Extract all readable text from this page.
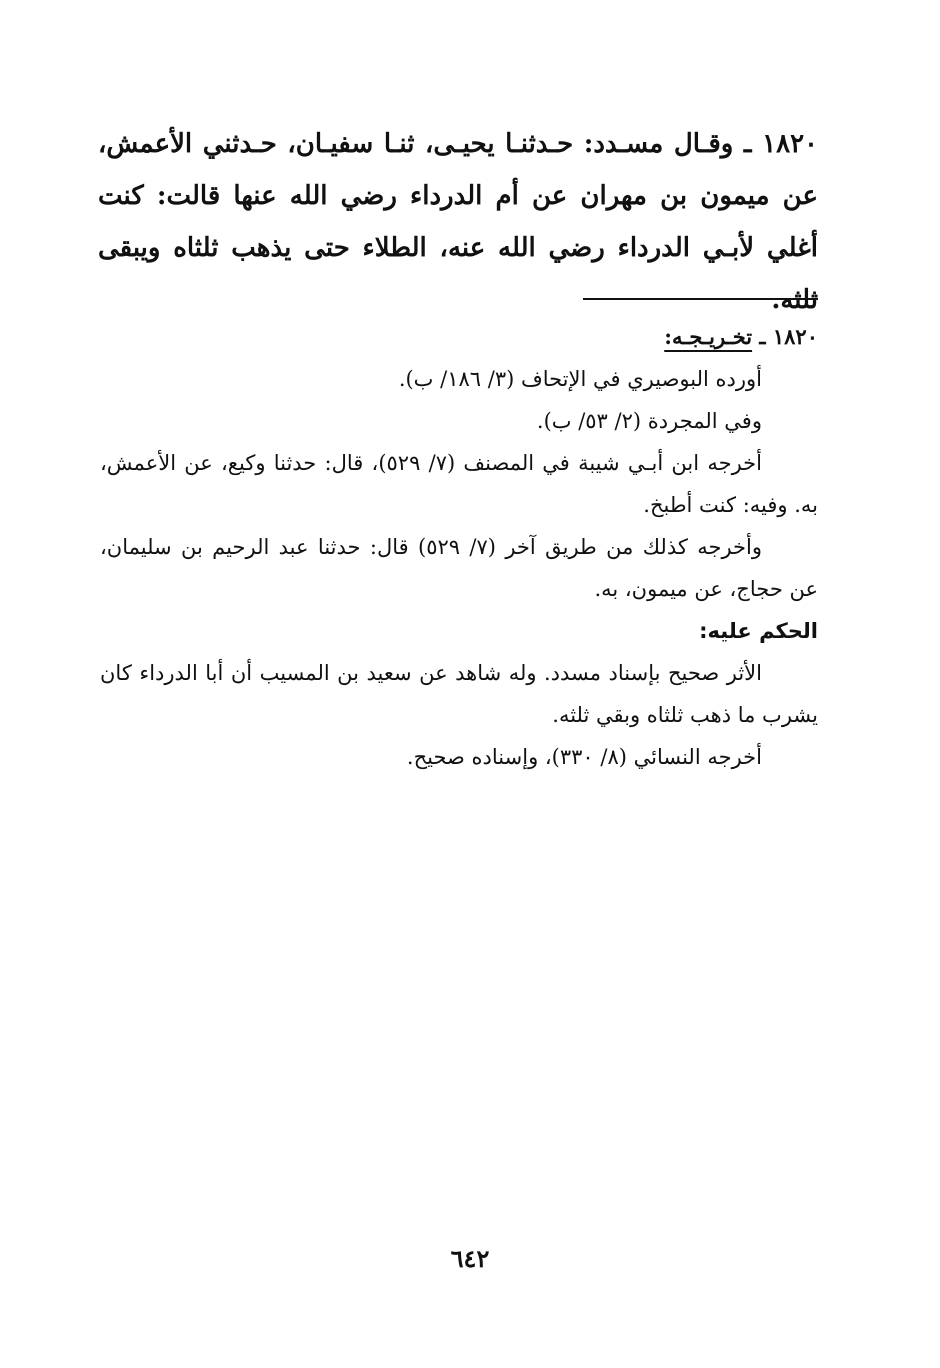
١٨٢٠ ـ وقـال مسـدد: حـدثنـا يحيـى، ثنـا سفيـان، حـدثني الأعمش، عن ميمون بن مهران عن أم الدرداء رضي الله عنها قالت: كنت أغلي لأبـي الدرداء رضي الله عنه، الطلاء حتى يذهب ثلثاه ويبقى ثلثه.

١٨٢٠ ـ تخـريـجـه:

أورده البوصيري في الإتحاف (٣/ ١٨٦/ ب).

وفي المجردة (٢/ ٥٣/ ب).

أخرجه ابن أبـي شيبة في المصنف (٧/ ٥٢٩)، قال: حدثنا وكيع، عن الأعمش، به. وفيه: كنت أطبخ.

وأخرجه كذلك من طريق آخر (٧/ ٥٢٩) قال: حدثنا عبد الرحيم بن سليمان، عن حجاج، عن ميمون، به.

الحكم عليه:

الأثر صحيح بإسناد مسدد. وله شاهد عن سعيد بن المسيب أن أبا الدرداء كان يشرب ما ذهب ثلثاه وبقي ثلثه.

أخرجه النسائي (٨/ ٣٣٠)، وإسناده صحيح.

٦٤٢
